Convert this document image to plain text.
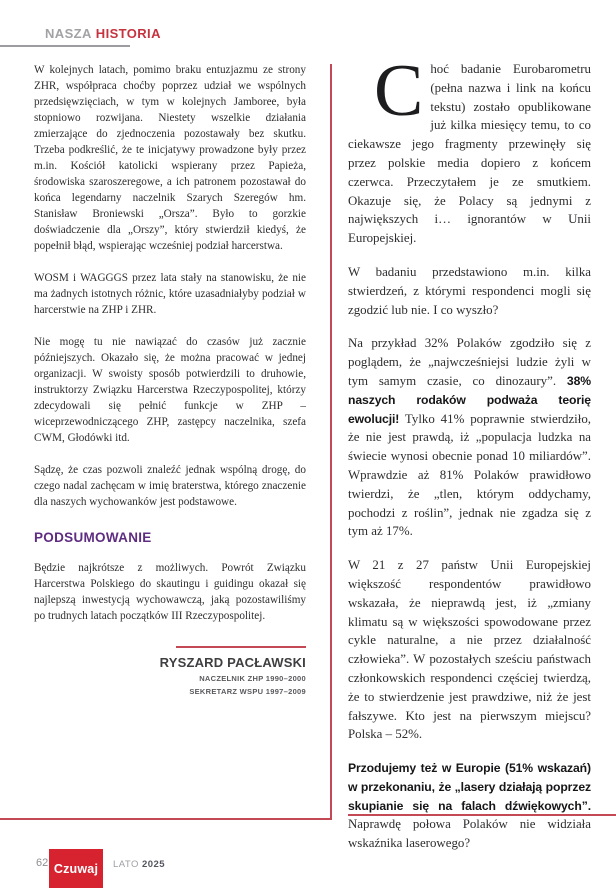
NASZA HISTORIA

W kolejnych latach, pomimo braku entuzjazmu ze strony ZHR, współpraca choćby poprzez udział we wspólnych przedsięwzięciach, w tym w kolejnych Jamboree, była stopniowo rozwijana. Niestety wszelkie działania zmierzające do zjednoczenia pozostawały bez skutku. Trzeba podkreślić, że te inicjatywy prowadzone były przez m.in. Kościół katolicki wspierany przez Papieża, środowiska szaroszeregowe, a ich patronem pozostawał do końca legendarny naczelnik Szarych Szeregów hm. Stanisław Broniewski „Orsza”. Było to gorzkie doświadczenie dla „Orszy”, który stwierdził kiedyś, że popełnił błąd, wspierając wcześniej podział harcerstwa.

WOSM i WAGGGS przez lata stały na stanowisku, że nie ma żadnych istotnych różnic, które uzasadniałyby podział w harcerstwie na ZHP i ZHR.

Nie mogę tu nie nawiązać do czasów już zacznie późniejszych. Okazało się, że można pracować w jednej organizacji. W swoisty sposób potwierdzili to druhowie, instruktorzy Związku Harcerstwa Rzeczypospolitej, którzy zdecydowali się pełnić funkcje w ZHP – wiceprzewodniczącego ZHP, zastępcy naczelnika, szefa CWM, Głodówki itd.

Sądzę, że czas pozwoli znaleźć jednak wspólną drogę, do czego nadal zachęcam w imię braterstwa, którego znaczenie dla naszych wychowanków jest podstawowe.

PODSUMOWANIE

Będzie najkrótsze z możliwych. Powrót Związku Harcerstwa Polskiego do skautingu i guidingu okazał się najlepszą inwestycją wychowawczą, jaką pozostawiliśmy po trudnych latach początków III Rzeczypospolitej.

RYSZARD PACŁAWSKI
NACZELNIK ZHP 1990–2000
SEKRETARZ WSPU 1997–2009

Choć badanie Eurobarometru (pełna nazwa i link na końcu tekstu) zostało opublikowane już kilka miesięcy temu, to co ciekawsze jego fragmenty przewinęły się przez polskie media dopiero z końcem czerwca. Przeczytałem je ze smutkiem. Okazuje się, że Polacy są jednymi z największych i… ignorantów w Unii Europejskiej.

W badaniu przedstawiono m.in. kilka stwierdzeń, z którymi respondenci mogli się zgodzić lub nie. I co wyszło?

Na przykład 32% Polaków zgodziło się z poglądem, że „najwcześniejsi ludzie żyli w tym samym czasie, co dinozaury”. 38% naszych rodaków podważa teorię ewolucji! Tylko 41% poprawnie stwierdziło, że nie jest prawdą, iż „populacja ludzka na świecie wynosi obecnie ponad 10 miliardów”. Wprawdzie aż 81% Polaków prawidłowo twierdzi, że „tlen, którym oddychamy, pochodzi z roślin”, jednak nie zgadza się z tym aż 17%.

W 21 z 27 państw Unii Europejskiej większość respondentów prawidłowo wskazała, że nieprawdą jest, iż „zmiany klimatu są w większości spowodowane przez cykle naturalne, a nie przez działalność człowieka”. W pozostałych sześciu państwach członkowskich respondenci częściej twierdzą, że to stwierdzenie jest prawdziwe, niż że jest fałszywe. Kto jest na pierwszym miejscu? Polska – 52%.

Przodujemy też w Europie (51% wskazań) w przekonaniu, że „lasery działają poprzez skupianie się na falach dźwiękowych”. Naprawdę połowa Polaków nie widziała wskaźnika laserowego?

62 Czuwaj LATO 2025
